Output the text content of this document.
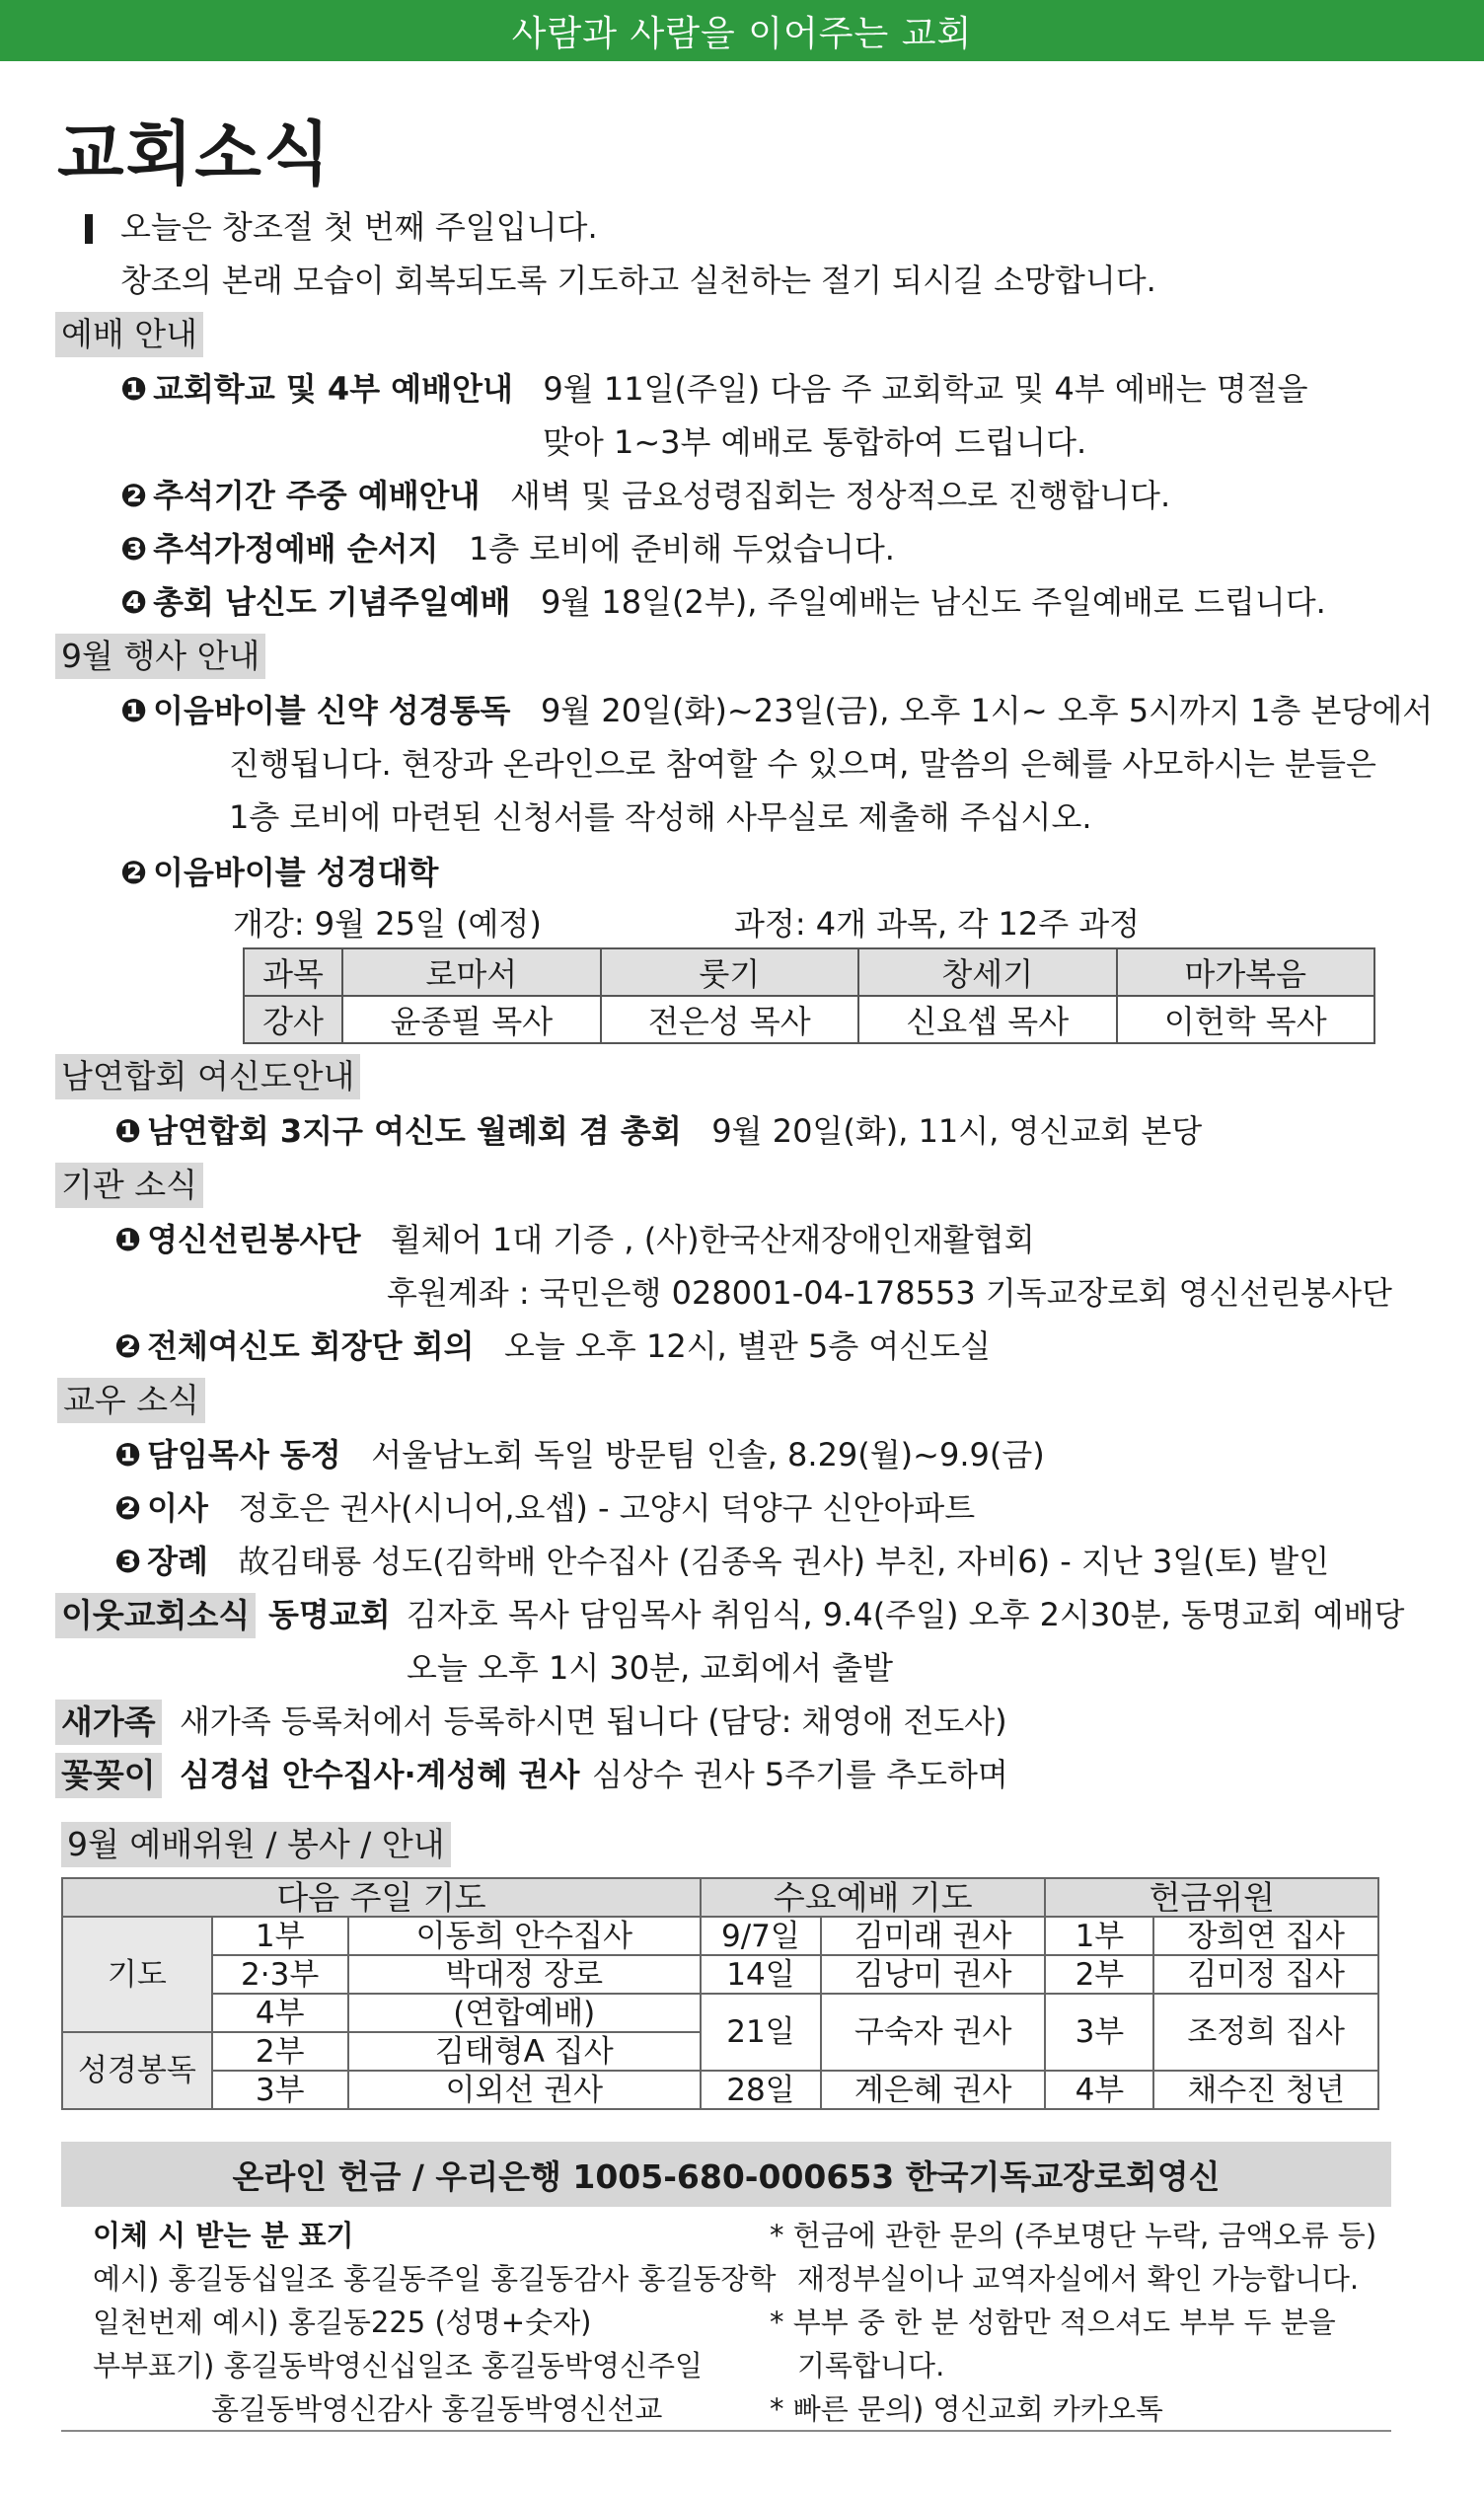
사람과 사람을 이어주는 교회
교회소식
오늘은 창조절 첫 번째 주일입니다.
창조의 본래 모습이 회복되도록 기도하고 실천하는 절기 되시길 소망합니다.
예배 안내
❶ 교회학교 및 4부 예배안내 9월 11일(주일) 다음 주 교회학교 및 4부 예배는 명절을
맞아 1~3부 예배로 통합하여 드립니다.
❷ 추석기간 주중 예배안내 새벽 및 금요성령집회는 정상적으로 진행합니다.
❸ 추석가정예배 순서지 1층 로비에 준비해 두었습니다.
❹ 총회 남신도 기념주일예배 9월 18일(2부), 주일예배는 남신도 주일예배로 드립니다.
9월 행사 안내
❶ 이음바이블 신약 성경통독 9월 20일(화)~23일(금), 오후 1시~ 오후 5시까지 1층 본당에서
진행됩니다. 현장과 온라인으로 참여할 수 있으며, 말씀의 은혜를 사모하시는 분들은
1층 로비에 마련된 신청서를 작성해 사무실로 제출해 주십시오.
❷ 이음바이블 성경대학
개강: 9월 25일 (예정)	과정: 4개 과목, 각 12주 과정
과목	로마서	룻기	창세기	마가복음
강사	윤종필 목사	전은성 목사	신요셉 목사	이헌학 목사
남연합회 여신도안내
❶ 남연합회 3지구 여신도 월례회 겸 총회 9월 20일(화), 11시, 영신교회 본당
기관 소식
❶ 영신선린봉사단 휠체어 1대 기증 , (사)한국산재장애인재활협회
후원계좌 : 국민은행 028001-04-178553 기독교장로회 영신선린봉사단
❷ 전체여신도 회장단 회의 오늘 오후 12시, 별관 5층 여신도실
교우 소식
❶ 담임목사 동정 서울남노회 독일 방문팀 인솔, 8.29(월)~9.9(금)
❷ 이사 정호은 권사(시니어,요셉) - 고양시 덕양구 신안아파트
❸ 장례 故김태룡 성도(김학배 안수집사 (김종옥 권사) 부친, 자비6) - 지난 3일(토) 발인
이웃교회소식 동명교회 김자호 목사 담임목사 취임식, 9.4(주일) 오후 2시30분, 동명교회 예배당
오늘 오후 1시 30분, 교회에서 출발
새가족 새가족 등록처에서 등록하시면 됩니다 (담당: 채영애 전도사)
꽃꽂이 심경섭 안수집사·계성혜 권사 심상수 권사 5주기를 추도하며
9월 예배위원 / 봉사 / 안내
다음 주일 기도			수요예배 기도		헌금위원	
기도	1부	이동희 안수집사	9/7일	김미래 권사	1부	장희연 집사
	2·3부	박대정 장로	14일	김낭미 권사	2부	김미정 집사
	4부	(연합예배)	21일	구숙자 권사	3부	조정희 집사
성경봉독	2부	김태형A 집사				
	3부	이외선 권사	28일	계은혜 권사	4부	채수진 청년
온라인 헌금 / 우리은행 1005-680-000653 한국기독교장로회영신
이체 시 받는 분 표기
예시) 홍길동십일조 홍길동주일 홍길동감사 홍길동장학
일천번제 예시) 홍길동225 (성명+숫자)
부부표기) 홍길동박영신십일조 홍길동박영신주일
홍길동박영신감사 홍길동박영신선교
* 헌금에 관한 문의 (주보명단 누락, 금액오류 등)
재정부실이나 교역자실에서 확인 가능합니다.
* 부부 중 한 분 성함만 적으셔도 부부 두 분을
기록합니다.
* 빠른 문의) 영신교회 카카오톡
